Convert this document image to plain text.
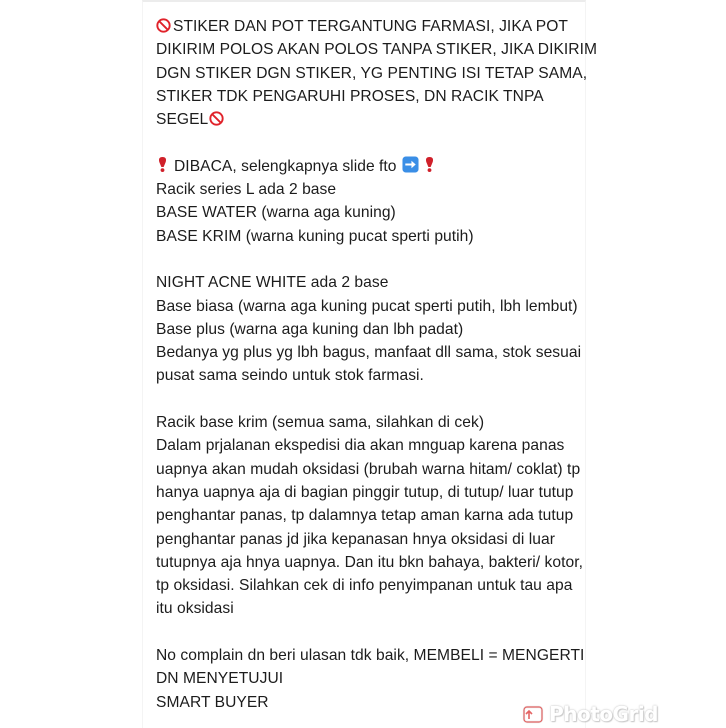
STIKER DAN POT TERGANTUNG FARMASI, JIKA POT
DIKIRIM POLOS AKAN POLOS TANPA STIKER, JIKA DIKIRIM
DGN STIKER DGN STIKER, YG PENTING ISI TETAP SAMA,
STIKER TDK PENGARUHI PROSES, DN RACIK TNPA
SEGEL
DIBACA, selengkapnya slide fto
Racik series L ada 2 base
BASE WATER (warna aga kuning)
BASE KRIM (warna kuning pucat sperti putih)
NIGHT ACNE WHITE ada 2 base
Base biasa (warna aga kuning pucat sperti putih, lbh lembut)
Base plus (warna aga kuning dan lbh padat)
Bedanya yg plus yg lbh bagus, manfaat dll sama, stok sesuai
pusat sama seindo untuk stok farmasi.
Racik base krim (semua sama, silahkan di cek)
Dalam prjalanan ekspedisi dia akan mnguap karena panas
uapnya akan mudah oksidasi (brubah warna hitam/ coklat) tp
hanya uapnya aja di bagian pinggir tutup, di tutup/ luar tutup
penghantar panas, tp dalamnya tetap aman karna ada tutup
penghantar panas jd jika kepanasan hnya oksidasi di luar
tutupnya aja hnya uapnya. Dan itu bkn bahaya, bakteri/ kotor,
tp oksidasi. Silahkan cek di info penyimpanan untuk tau apa
itu oksidasi
No complain dn beri ulasan tdk baik, MEMBELI = MENGERTI
DN MENYETUJUI
SMART BUYER	PhotoGrid
